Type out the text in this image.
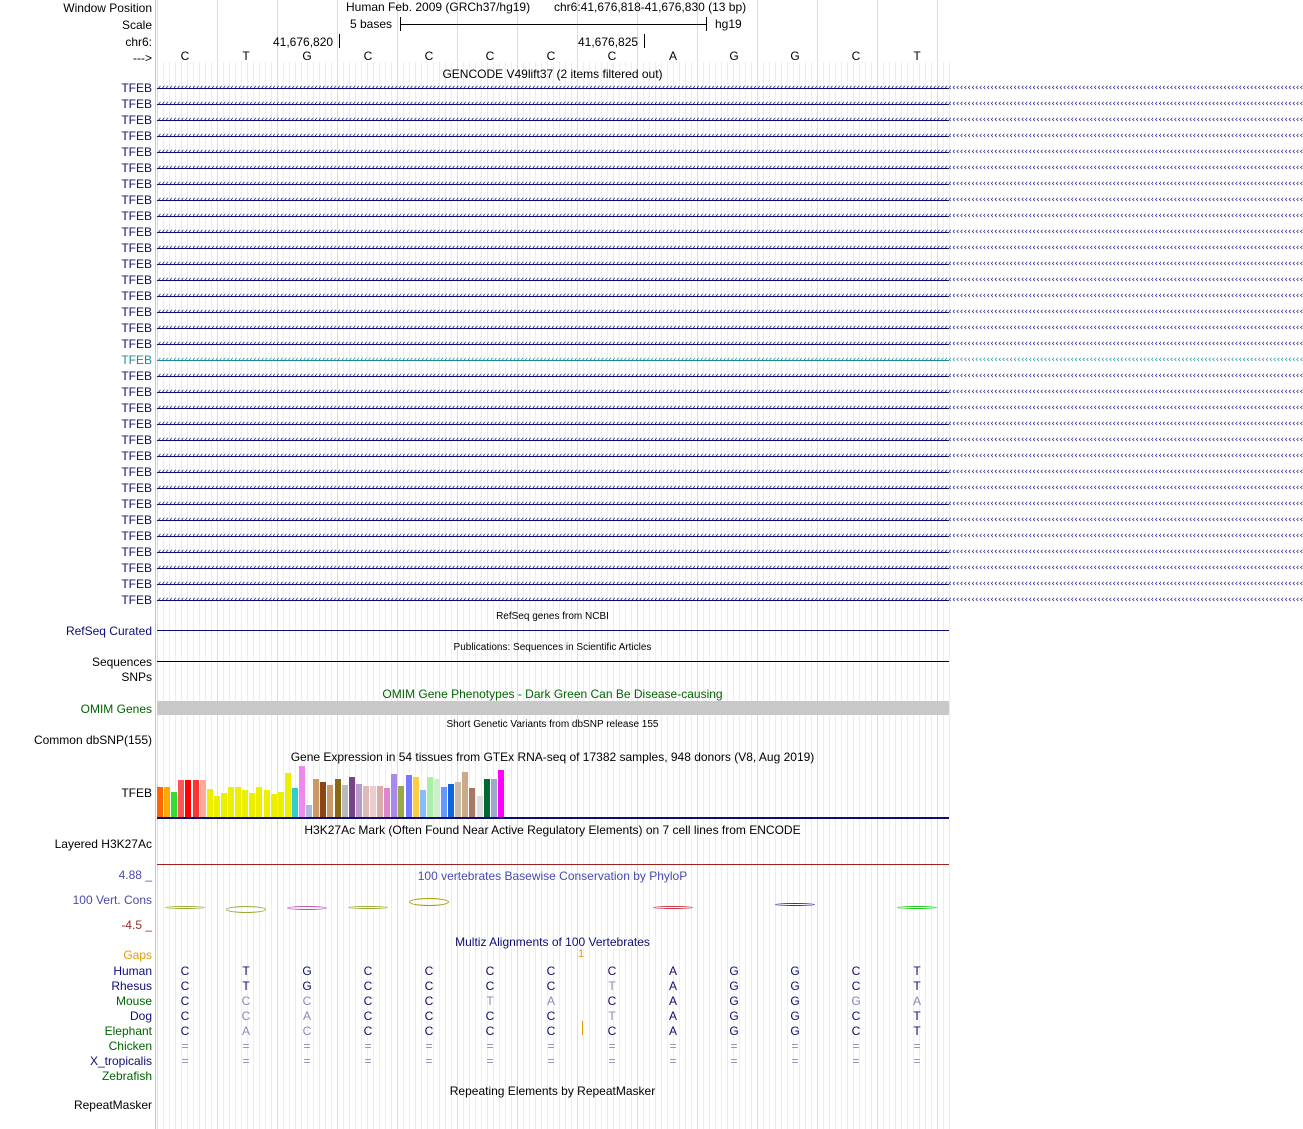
Window Position
Scale
chr6:
--->
Human Feb. 2009 (GRCh37/hg19) chr6:41,676,818-41,676,830 (13 bp)
5 bases	hg19
41,676,820	41,676,825
C	T	G	C	C	C	C	C	A	G	G	C	T
GENCODE V49lift37 (2 items filtered out)
TFEB ‹‹‹‹‹‹‹‹‹‹‹‹‹‹‹‹‹‹‹‹‹‹‹‹‹‹‹‹‹‹‹‹‹‹‹‹‹‹‹‹‹‹‹‹‹‹‹‹‹‹‹‹‹‹‹‹‹‹‹‹‹‹‹‹‹‹‹‹‹‹‹‹‹‹‹‹‹‹‹‹‹‹‹‹‹‹‹‹‹‹‹‹‹‹‹‹‹‹‹‹‹‹‹‹‹‹‹‹‹‹‹‹‹‹‹‹‹‹‹‹‹‹‹‹‹‹‹‹‹‹‹‹‹‹‹‹‹‹‹‹‹‹‹‹‹‹‹‹‹‹‹‹‹‹‹‹‹‹‹‹‹‹‹‹‹‹‹‹‹‹‹‹‹‹‹‹‹‹‹‹‹‹‹‹‹‹‹‹‹‹‹‹‹‹‹‹‹‹‹‹‹‹‹‹‹‹‹‹‹‹‹‹‹‹‹‹‹‹‹‹‹‹‹‹‹‹‹‹‹‹‹‹‹‹‹‹‹‹‹‹‹‹‹‹‹‹‹‹‹‹‹‹‹‹‹‹‹‹‹‹‹‹‹‹‹‹‹‹‹‹‹‹‹‹‹‹‹‹‹‹‹‹‹‹‹‹‹‹‹‹‹‹‹‹‹‹‹‹‹‹
TFEB ‹‹‹‹‹‹‹‹‹‹‹‹‹‹‹‹‹‹‹‹‹‹‹‹‹‹‹‹‹‹‹‹‹‹‹‹‹‹‹‹‹‹‹‹‹‹‹‹‹‹‹‹‹‹‹‹‹‹‹‹‹‹‹‹‹‹‹‹‹‹‹‹‹‹‹‹‹‹‹‹‹‹‹‹‹‹‹‹‹‹‹‹‹‹‹‹‹‹‹‹‹‹‹‹‹‹‹‹‹‹‹‹‹‹‹‹‹‹‹‹‹‹‹‹‹‹‹‹‹‹‹‹‹‹‹‹‹‹‹‹‹‹‹‹‹‹‹‹‹‹‹‹‹‹‹‹‹‹‹‹‹‹‹‹‹‹‹‹‹‹‹‹‹‹‹‹‹‹‹‹‹‹‹‹‹‹‹‹‹‹‹‹‹‹‹‹‹‹‹‹‹‹‹‹‹‹‹‹‹‹‹‹‹‹‹‹‹‹‹‹‹‹‹‹‹‹‹‹‹‹‹‹‹‹‹‹‹‹‹‹‹‹‹‹‹‹‹‹‹‹‹‹‹‹‹‹‹‹‹‹‹‹‹‹‹‹‹‹‹‹‹‹‹‹‹‹‹‹‹‹‹‹‹‹‹‹‹‹‹‹‹‹‹‹‹‹‹‹‹‹
TFEB ‹‹‹‹‹‹‹‹‹‹‹‹‹‹‹‹‹‹‹‹‹‹‹‹‹‹‹‹‹‹‹‹‹‹‹‹‹‹‹‹‹‹‹‹‹‹‹‹‹‹‹‹‹‹‹‹‹‹‹‹‹‹‹‹‹‹‹‹‹‹‹‹‹‹‹‹‹‹‹‹‹‹‹‹‹‹‹‹‹‹‹‹‹‹‹‹‹‹‹‹‹‹‹‹‹‹‹‹‹‹‹‹‹‹‹‹‹‹‹‹‹‹‹‹‹‹‹‹‹‹‹‹‹‹‹‹‹‹‹‹‹‹‹‹‹‹‹‹‹‹‹‹‹‹‹‹‹‹‹‹‹‹‹‹‹‹‹‹‹‹‹‹‹‹‹‹‹‹‹‹‹‹‹‹‹‹‹‹‹‹‹‹‹‹‹‹‹‹‹‹‹‹‹‹‹‹‹‹‹‹‹‹‹‹‹‹‹‹‹‹‹‹‹‹‹‹‹‹‹‹‹‹‹‹‹‹‹‹‹‹‹‹‹‹‹‹‹‹‹‹‹‹‹‹‹‹‹‹‹‹‹‹‹‹‹‹‹‹‹‹‹‹‹‹‹‹‹‹‹‹‹‹‹‹‹‹‹‹‹‹‹‹‹‹‹‹‹‹‹‹
TFEB ‹‹‹‹‹‹‹‹‹‹‹‹‹‹‹‹‹‹‹‹‹‹‹‹‹‹‹‹‹‹‹‹‹‹‹‹‹‹‹‹‹‹‹‹‹‹‹‹‹‹‹‹‹‹‹‹‹‹‹‹‹‹‹‹‹‹‹‹‹‹‹‹‹‹‹‹‹‹‹‹‹‹‹‹‹‹‹‹‹‹‹‹‹‹‹‹‹‹‹‹‹‹‹‹‹‹‹‹‹‹‹‹‹‹‹‹‹‹‹‹‹‹‹‹‹‹‹‹‹‹‹‹‹‹‹‹‹‹‹‹‹‹‹‹‹‹‹‹‹‹‹‹‹‹‹‹‹‹‹‹‹‹‹‹‹‹‹‹‹‹‹‹‹‹‹‹‹‹‹‹‹‹‹‹‹‹‹‹‹‹‹‹‹‹‹‹‹‹‹‹‹‹‹‹‹‹‹‹‹‹‹‹‹‹‹‹‹‹‹‹‹‹‹‹‹‹‹‹‹‹‹‹‹‹‹‹‹‹‹‹‹‹‹‹‹‹‹‹‹‹‹‹‹‹‹‹‹‹‹‹‹‹‹‹‹‹‹‹‹‹‹‹‹‹‹‹‹‹‹‹‹‹‹‹‹‹‹‹‹‹‹‹‹‹‹‹‹‹‹‹
TFEB ‹‹‹‹‹‹‹‹‹‹‹‹‹‹‹‹‹‹‹‹‹‹‹‹‹‹‹‹‹‹‹‹‹‹‹‹‹‹‹‹‹‹‹‹‹‹‹‹‹‹‹‹‹‹‹‹‹‹‹‹‹‹‹‹‹‹‹‹‹‹‹‹‹‹‹‹‹‹‹‹‹‹‹‹‹‹‹‹‹‹‹‹‹‹‹‹‹‹‹‹‹‹‹‹‹‹‹‹‹‹‹‹‹‹‹‹‹‹‹‹‹‹‹‹‹‹‹‹‹‹‹‹‹‹‹‹‹‹‹‹‹‹‹‹‹‹‹‹‹‹‹‹‹‹‹‹‹‹‹‹‹‹‹‹‹‹‹‹‹‹‹‹‹‹‹‹‹‹‹‹‹‹‹‹‹‹‹‹‹‹‹‹‹‹‹‹‹‹‹‹‹‹‹‹‹‹‹‹‹‹‹‹‹‹‹‹‹‹‹‹‹‹‹‹‹‹‹‹‹‹‹‹‹‹‹‹‹‹‹‹‹‹‹‹‹‹‹‹‹‹‹‹‹‹‹‹‹‹‹‹‹‹‹‹‹‹‹‹‹‹‹‹‹‹‹‹‹‹‹‹‹‹‹‹‹‹‹‹‹‹‹‹‹‹‹‹‹‹‹‹
TFEB ‹‹‹‹‹‹‹‹‹‹‹‹‹‹‹‹‹‹‹‹‹‹‹‹‹‹‹‹‹‹‹‹‹‹‹‹‹‹‹‹‹‹‹‹‹‹‹‹‹‹‹‹‹‹‹‹‹‹‹‹‹‹‹‹‹‹‹‹‹‹‹‹‹‹‹‹‹‹‹‹‹‹‹‹‹‹‹‹‹‹‹‹‹‹‹‹‹‹‹‹‹‹‹‹‹‹‹‹‹‹‹‹‹‹‹‹‹‹‹‹‹‹‹‹‹‹‹‹‹‹‹‹‹‹‹‹‹‹‹‹‹‹‹‹‹‹‹‹‹‹‹‹‹‹‹‹‹‹‹‹‹‹‹‹‹‹‹‹‹‹‹‹‹‹‹‹‹‹‹‹‹‹‹‹‹‹‹‹‹‹‹‹‹‹‹‹‹‹‹‹‹‹‹‹‹‹‹‹‹‹‹‹‹‹‹‹‹‹‹‹‹‹‹‹‹‹‹‹‹‹‹‹‹‹‹‹‹‹‹‹‹‹‹‹‹‹‹‹‹‹‹‹‹‹‹‹‹‹‹‹‹‹‹‹‹‹‹‹‹‹‹‹‹‹‹‹‹‹‹‹‹‹‹‹‹‹‹‹‹‹‹‹‹‹‹‹‹‹‹‹
TFEB ‹‹‹‹‹‹‹‹‹‹‹‹‹‹‹‹‹‹‹‹‹‹‹‹‹‹‹‹‹‹‹‹‹‹‹‹‹‹‹‹‹‹‹‹‹‹‹‹‹‹‹‹‹‹‹‹‹‹‹‹‹‹‹‹‹‹‹‹‹‹‹‹‹‹‹‹‹‹‹‹‹‹‹‹‹‹‹‹‹‹‹‹‹‹‹‹‹‹‹‹‹‹‹‹‹‹‹‹‹‹‹‹‹‹‹‹‹‹‹‹‹‹‹‹‹‹‹‹‹‹‹‹‹‹‹‹‹‹‹‹‹‹‹‹‹‹‹‹‹‹‹‹‹‹‹‹‹‹‹‹‹‹‹‹‹‹‹‹‹‹‹‹‹‹‹‹‹‹‹‹‹‹‹‹‹‹‹‹‹‹‹‹‹‹‹‹‹‹‹‹‹‹‹‹‹‹‹‹‹‹‹‹‹‹‹‹‹‹‹‹‹‹‹‹‹‹‹‹‹‹‹‹‹‹‹‹‹‹‹‹‹‹‹‹‹‹‹‹‹‹‹‹‹‹‹‹‹‹‹‹‹‹‹‹‹‹‹‹‹‹‹‹‹‹‹‹‹‹‹‹‹‹‹‹‹‹‹‹‹‹‹‹‹‹‹‹‹‹‹‹
TFEB ‹‹‹‹‹‹‹‹‹‹‹‹‹‹‹‹‹‹‹‹‹‹‹‹‹‹‹‹‹‹‹‹‹‹‹‹‹‹‹‹‹‹‹‹‹‹‹‹‹‹‹‹‹‹‹‹‹‹‹‹‹‹‹‹‹‹‹‹‹‹‹‹‹‹‹‹‹‹‹‹‹‹‹‹‹‹‹‹‹‹‹‹‹‹‹‹‹‹‹‹‹‹‹‹‹‹‹‹‹‹‹‹‹‹‹‹‹‹‹‹‹‹‹‹‹‹‹‹‹‹‹‹‹‹‹‹‹‹‹‹‹‹‹‹‹‹‹‹‹‹‹‹‹‹‹‹‹‹‹‹‹‹‹‹‹‹‹‹‹‹‹‹‹‹‹‹‹‹‹‹‹‹‹‹‹‹‹‹‹‹‹‹‹‹‹‹‹‹‹‹‹‹‹‹‹‹‹‹‹‹‹‹‹‹‹‹‹‹‹‹‹‹‹‹‹‹‹‹‹‹‹‹‹‹‹‹‹‹‹‹‹‹‹‹‹‹‹‹‹‹‹‹‹‹‹‹‹‹‹‹‹‹‹‹‹‹‹‹‹‹‹‹‹‹‹‹‹‹‹‹‹‹‹‹‹‹‹‹‹‹‹‹‹‹‹‹‹‹‹‹
TFEB ‹‹‹‹‹‹‹‹‹‹‹‹‹‹‹‹‹‹‹‹‹‹‹‹‹‹‹‹‹‹‹‹‹‹‹‹‹‹‹‹‹‹‹‹‹‹‹‹‹‹‹‹‹‹‹‹‹‹‹‹‹‹‹‹‹‹‹‹‹‹‹‹‹‹‹‹‹‹‹‹‹‹‹‹‹‹‹‹‹‹‹‹‹‹‹‹‹‹‹‹‹‹‹‹‹‹‹‹‹‹‹‹‹‹‹‹‹‹‹‹‹‹‹‹‹‹‹‹‹‹‹‹‹‹‹‹‹‹‹‹‹‹‹‹‹‹‹‹‹‹‹‹‹‹‹‹‹‹‹‹‹‹‹‹‹‹‹‹‹‹‹‹‹‹‹‹‹‹‹‹‹‹‹‹‹‹‹‹‹‹‹‹‹‹‹‹‹‹‹‹‹‹‹‹‹‹‹‹‹‹‹‹‹‹‹‹‹‹‹‹‹‹‹‹‹‹‹‹‹‹‹‹‹‹‹‹‹‹‹‹‹‹‹‹‹‹‹‹‹‹‹‹‹‹‹‹‹‹‹‹‹‹‹‹‹‹‹‹‹‹‹‹‹‹‹‹‹‹‹‹‹‹‹‹‹‹‹‹‹‹‹‹‹‹‹‹‹‹‹‹
TFEB ‹‹‹‹‹‹‹‹‹‹‹‹‹‹‹‹‹‹‹‹‹‹‹‹‹‹‹‹‹‹‹‹‹‹‹‹‹‹‹‹‹‹‹‹‹‹‹‹‹‹‹‹‹‹‹‹‹‹‹‹‹‹‹‹‹‹‹‹‹‹‹‹‹‹‹‹‹‹‹‹‹‹‹‹‹‹‹‹‹‹‹‹‹‹‹‹‹‹‹‹‹‹‹‹‹‹‹‹‹‹‹‹‹‹‹‹‹‹‹‹‹‹‹‹‹‹‹‹‹‹‹‹‹‹‹‹‹‹‹‹‹‹‹‹‹‹‹‹‹‹‹‹‹‹‹‹‹‹‹‹‹‹‹‹‹‹‹‹‹‹‹‹‹‹‹‹‹‹‹‹‹‹‹‹‹‹‹‹‹‹‹‹‹‹‹‹‹‹‹‹‹‹‹‹‹‹‹‹‹‹‹‹‹‹‹‹‹‹‹‹‹‹‹‹‹‹‹‹‹‹‹‹‹‹‹‹‹‹‹‹‹‹‹‹‹‹‹‹‹‹‹‹‹‹‹‹‹‹‹‹‹‹‹‹‹‹‹‹‹‹‹‹‹‹‹‹‹‹‹‹‹‹‹‹‹‹‹‹‹‹‹‹‹‹‹‹‹‹‹‹
TFEB ‹‹‹‹‹‹‹‹‹‹‹‹‹‹‹‹‹‹‹‹‹‹‹‹‹‹‹‹‹‹‹‹‹‹‹‹‹‹‹‹‹‹‹‹‹‹‹‹‹‹‹‹‹‹‹‹‹‹‹‹‹‹‹‹‹‹‹‹‹‹‹‹‹‹‹‹‹‹‹‹‹‹‹‹‹‹‹‹‹‹‹‹‹‹‹‹‹‹‹‹‹‹‹‹‹‹‹‹‹‹‹‹‹‹‹‹‹‹‹‹‹‹‹‹‹‹‹‹‹‹‹‹‹‹‹‹‹‹‹‹‹‹‹‹‹‹‹‹‹‹‹‹‹‹‹‹‹‹‹‹‹‹‹‹‹‹‹‹‹‹‹‹‹‹‹‹‹‹‹‹‹‹‹‹‹‹‹‹‹‹‹‹‹‹‹‹‹‹‹‹‹‹‹‹‹‹‹‹‹‹‹‹‹‹‹‹‹‹‹‹‹‹‹‹‹‹‹‹‹‹‹‹‹‹‹‹‹‹‹‹‹‹‹‹‹‹‹‹‹‹‹‹‹‹‹‹‹‹‹‹‹‹‹‹‹‹‹‹‹‹‹‹‹‹‹‹‹‹‹‹‹‹‹‹‹‹‹‹‹‹‹‹‹‹‹‹‹‹‹‹
TFEB ‹‹‹‹‹‹‹‹‹‹‹‹‹‹‹‹‹‹‹‹‹‹‹‹‹‹‹‹‹‹‹‹‹‹‹‹‹‹‹‹‹‹‹‹‹‹‹‹‹‹‹‹‹‹‹‹‹‹‹‹‹‹‹‹‹‹‹‹‹‹‹‹‹‹‹‹‹‹‹‹‹‹‹‹‹‹‹‹‹‹‹‹‹‹‹‹‹‹‹‹‹‹‹‹‹‹‹‹‹‹‹‹‹‹‹‹‹‹‹‹‹‹‹‹‹‹‹‹‹‹‹‹‹‹‹‹‹‹‹‹‹‹‹‹‹‹‹‹‹‹‹‹‹‹‹‹‹‹‹‹‹‹‹‹‹‹‹‹‹‹‹‹‹‹‹‹‹‹‹‹‹‹‹‹‹‹‹‹‹‹‹‹‹‹‹‹‹‹‹‹‹‹‹‹‹‹‹‹‹‹‹‹‹‹‹‹‹‹‹‹‹‹‹‹‹‹‹‹‹‹‹‹‹‹‹‹‹‹‹‹‹‹‹‹‹‹‹‹‹‹‹‹‹‹‹‹‹‹‹‹‹‹‹‹‹‹‹‹‹‹‹‹‹‹‹‹‹‹‹‹‹‹‹‹‹‹‹‹‹‹‹‹‹‹‹‹‹‹‹‹
TFEB ‹‹‹‹‹‹‹‹‹‹‹‹‹‹‹‹‹‹‹‹‹‹‹‹‹‹‹‹‹‹‹‹‹‹‹‹‹‹‹‹‹‹‹‹‹‹‹‹‹‹‹‹‹‹‹‹‹‹‹‹‹‹‹‹‹‹‹‹‹‹‹‹‹‹‹‹‹‹‹‹‹‹‹‹‹‹‹‹‹‹‹‹‹‹‹‹‹‹‹‹‹‹‹‹‹‹‹‹‹‹‹‹‹‹‹‹‹‹‹‹‹‹‹‹‹‹‹‹‹‹‹‹‹‹‹‹‹‹‹‹‹‹‹‹‹‹‹‹‹‹‹‹‹‹‹‹‹‹‹‹‹‹‹‹‹‹‹‹‹‹‹‹‹‹‹‹‹‹‹‹‹‹‹‹‹‹‹‹‹‹‹‹‹‹‹‹‹‹‹‹‹‹‹‹‹‹‹‹‹‹‹‹‹‹‹‹‹‹‹‹‹‹‹‹‹‹‹‹‹‹‹‹‹‹‹‹‹‹‹‹‹‹‹‹‹‹‹‹‹‹‹‹‹‹‹‹‹‹‹‹‹‹‹‹‹‹‹‹‹‹‹‹‹‹‹‹‹‹‹‹‹‹‹‹‹‹‹‹‹‹‹‹‹‹‹‹‹‹‹‹
TFEB ‹‹‹‹‹‹‹‹‹‹‹‹‹‹‹‹‹‹‹‹‹‹‹‹‹‹‹‹‹‹‹‹‹‹‹‹‹‹‹‹‹‹‹‹‹‹‹‹‹‹‹‹‹‹‹‹‹‹‹‹‹‹‹‹‹‹‹‹‹‹‹‹‹‹‹‹‹‹‹‹‹‹‹‹‹‹‹‹‹‹‹‹‹‹‹‹‹‹‹‹‹‹‹‹‹‹‹‹‹‹‹‹‹‹‹‹‹‹‹‹‹‹‹‹‹‹‹‹‹‹‹‹‹‹‹‹‹‹‹‹‹‹‹‹‹‹‹‹‹‹‹‹‹‹‹‹‹‹‹‹‹‹‹‹‹‹‹‹‹‹‹‹‹‹‹‹‹‹‹‹‹‹‹‹‹‹‹‹‹‹‹‹‹‹‹‹‹‹‹‹‹‹‹‹‹‹‹‹‹‹‹‹‹‹‹‹‹‹‹‹‹‹‹‹‹‹‹‹‹‹‹‹‹‹‹‹‹‹‹‹‹‹‹‹‹‹‹‹‹‹‹‹‹‹‹‹‹‹‹‹‹‹‹‹‹‹‹‹‹‹‹‹‹‹‹‹‹‹‹‹‹‹‹‹‹‹‹‹‹‹‹‹‹‹‹‹‹‹‹‹
TFEB ‹‹‹‹‹‹‹‹‹‹‹‹‹‹‹‹‹‹‹‹‹‹‹‹‹‹‹‹‹‹‹‹‹‹‹‹‹‹‹‹‹‹‹‹‹‹‹‹‹‹‹‹‹‹‹‹‹‹‹‹‹‹‹‹‹‹‹‹‹‹‹‹‹‹‹‹‹‹‹‹‹‹‹‹‹‹‹‹‹‹‹‹‹‹‹‹‹‹‹‹‹‹‹‹‹‹‹‹‹‹‹‹‹‹‹‹‹‹‹‹‹‹‹‹‹‹‹‹‹‹‹‹‹‹‹‹‹‹‹‹‹‹‹‹‹‹‹‹‹‹‹‹‹‹‹‹‹‹‹‹‹‹‹‹‹‹‹‹‹‹‹‹‹‹‹‹‹‹‹‹‹‹‹‹‹‹‹‹‹‹‹‹‹‹‹‹‹‹‹‹‹‹‹‹‹‹‹‹‹‹‹‹‹‹‹‹‹‹‹‹‹‹‹‹‹‹‹‹‹‹‹‹‹‹‹‹‹‹‹‹‹‹‹‹‹‹‹‹‹‹‹‹‹‹‹‹‹‹‹‹‹‹‹‹‹‹‹‹‹‹‹‹‹‹‹‹‹‹‹‹‹‹‹‹‹‹‹‹‹‹‹‹‹‹‹‹‹‹‹‹
TFEB ‹‹‹‹‹‹‹‹‹‹‹‹‹‹‹‹‹‹‹‹‹‹‹‹‹‹‹‹‹‹‹‹‹‹‹‹‹‹‹‹‹‹‹‹‹‹‹‹‹‹‹‹‹‹‹‹‹‹‹‹‹‹‹‹‹‹‹‹‹‹‹‹‹‹‹‹‹‹‹‹‹‹‹‹‹‹‹‹‹‹‹‹‹‹‹‹‹‹‹‹‹‹‹‹‹‹‹‹‹‹‹‹‹‹‹‹‹‹‹‹‹‹‹‹‹‹‹‹‹‹‹‹‹‹‹‹‹‹‹‹‹‹‹‹‹‹‹‹‹‹‹‹‹‹‹‹‹‹‹‹‹‹‹‹‹‹‹‹‹‹‹‹‹‹‹‹‹‹‹‹‹‹‹‹‹‹‹‹‹‹‹‹‹‹‹‹‹‹‹‹‹‹‹‹‹‹‹‹‹‹‹‹‹‹‹‹‹‹‹‹‹‹‹‹‹‹‹‹‹‹‹‹‹‹‹‹‹‹‹‹‹‹‹‹‹‹‹‹‹‹‹‹‹‹‹‹‹‹‹‹‹‹‹‹‹‹‹‹‹‹‹‹‹‹‹‹‹‹‹‹‹‹‹‹‹‹‹‹‹‹‹‹‹‹‹‹‹‹‹‹
TFEB ‹‹‹‹‹‹‹‹‹‹‹‹‹‹‹‹‹‹‹‹‹‹‹‹‹‹‹‹‹‹‹‹‹‹‹‹‹‹‹‹‹‹‹‹‹‹‹‹‹‹‹‹‹‹‹‹‹‹‹‹‹‹‹‹‹‹‹‹‹‹‹‹‹‹‹‹‹‹‹‹‹‹‹‹‹‹‹‹‹‹‹‹‹‹‹‹‹‹‹‹‹‹‹‹‹‹‹‹‹‹‹‹‹‹‹‹‹‹‹‹‹‹‹‹‹‹‹‹‹‹‹‹‹‹‹‹‹‹‹‹‹‹‹‹‹‹‹‹‹‹‹‹‹‹‹‹‹‹‹‹‹‹‹‹‹‹‹‹‹‹‹‹‹‹‹‹‹‹‹‹‹‹‹‹‹‹‹‹‹‹‹‹‹‹‹‹‹‹‹‹‹‹‹‹‹‹‹‹‹‹‹‹‹‹‹‹‹‹‹‹‹‹‹‹‹‹‹‹‹‹‹‹‹‹‹‹‹‹‹‹‹‹‹‹‹‹‹‹‹‹‹‹‹‹‹‹‹‹‹‹‹‹‹‹‹‹‹‹‹‹‹‹‹‹‹‹‹‹‹‹‹‹‹‹‹‹‹‹‹‹‹‹‹‹‹‹‹‹‹‹
TFEB ‹‹‹‹‹‹‹‹‹‹‹‹‹‹‹‹‹‹‹‹‹‹‹‹‹‹‹‹‹‹‹‹‹‹‹‹‹‹‹‹‹‹‹‹‹‹‹‹‹‹‹‹‹‹‹‹‹‹‹‹‹‹‹‹‹‹‹‹‹‹‹‹‹‹‹‹‹‹‹‹‹‹‹‹‹‹‹‹‹‹‹‹‹‹‹‹‹‹‹‹‹‹‹‹‹‹‹‹‹‹‹‹‹‹‹‹‹‹‹‹‹‹‹‹‹‹‹‹‹‹‹‹‹‹‹‹‹‹‹‹‹‹‹‹‹‹‹‹‹‹‹‹‹‹‹‹‹‹‹‹‹‹‹‹‹‹‹‹‹‹‹‹‹‹‹‹‹‹‹‹‹‹‹‹‹‹‹‹‹‹‹‹‹‹‹‹‹‹‹‹‹‹‹‹‹‹‹‹‹‹‹‹‹‹‹‹‹‹‹‹‹‹‹‹‹‹‹‹‹‹‹‹‹‹‹‹‹‹‹‹‹‹‹‹‹‹‹‹‹‹‹‹‹‹‹‹‹‹‹‹‹‹‹‹‹‹‹‹‹‹‹‹‹‹‹‹‹‹‹‹‹‹‹‹‹‹‹‹‹‹‹‹‹‹‹‹‹‹‹‹
TFEB ‹‹‹‹‹‹‹‹‹‹‹‹‹‹‹‹‹‹‹‹‹‹‹‹‹‹‹‹‹‹‹‹‹‹‹‹‹‹‹‹‹‹‹‹‹‹‹‹‹‹‹‹‹‹‹‹‹‹‹‹‹‹‹‹‹‹‹‹‹‹‹‹‹‹‹‹‹‹‹‹‹‹‹‹‹‹‹‹‹‹‹‹‹‹‹‹‹‹‹‹‹‹‹‹‹‹‹‹‹‹‹‹‹‹‹‹‹‹‹‹‹‹‹‹‹‹‹‹‹‹‹‹‹‹‹‹‹‹‹‹‹‹‹‹‹‹‹‹‹‹‹‹‹‹‹‹‹‹‹‹‹‹‹‹‹‹‹‹‹‹‹‹‹‹‹‹‹‹‹‹‹‹‹‹‹‹‹‹‹‹‹‹‹‹‹‹‹‹‹‹‹‹‹‹‹‹‹‹‹‹‹‹‹‹‹‹‹‹‹‹‹‹‹‹‹‹‹‹‹‹‹‹‹‹‹‹‹‹‹‹‹‹‹‹‹‹‹‹‹‹‹‹‹‹‹‹‹‹‹‹‹‹‹‹‹‹‹‹‹‹‹‹‹‹‹‹‹‹‹‹‹‹‹‹‹‹‹‹‹‹‹‹‹‹‹‹‹‹‹‹
TFEB ‹‹‹‹‹‹‹‹‹‹‹‹‹‹‹‹‹‹‹‹‹‹‹‹‹‹‹‹‹‹‹‹‹‹‹‹‹‹‹‹‹‹‹‹‹‹‹‹‹‹‹‹‹‹‹‹‹‹‹‹‹‹‹‹‹‹‹‹‹‹‹‹‹‹‹‹‹‹‹‹‹‹‹‹‹‹‹‹‹‹‹‹‹‹‹‹‹‹‹‹‹‹‹‹‹‹‹‹‹‹‹‹‹‹‹‹‹‹‹‹‹‹‹‹‹‹‹‹‹‹‹‹‹‹‹‹‹‹‹‹‹‹‹‹‹‹‹‹‹‹‹‹‹‹‹‹‹‹‹‹‹‹‹‹‹‹‹‹‹‹‹‹‹‹‹‹‹‹‹‹‹‹‹‹‹‹‹‹‹‹‹‹‹‹‹‹‹‹‹‹‹‹‹‹‹‹‹‹‹‹‹‹‹‹‹‹‹‹‹‹‹‹‹‹‹‹‹‹‹‹‹‹‹‹‹‹‹‹‹‹‹‹‹‹‹‹‹‹‹‹‹‹‹‹‹‹‹‹‹‹‹‹‹‹‹‹‹‹‹‹‹‹‹‹‹‹‹‹‹‹‹‹‹‹‹‹‹‹‹‹‹‹‹‹‹‹‹‹‹‹
TFEB ‹‹‹‹‹‹‹‹‹‹‹‹‹‹‹‹‹‹‹‹‹‹‹‹‹‹‹‹‹‹‹‹‹‹‹‹‹‹‹‹‹‹‹‹‹‹‹‹‹‹‹‹‹‹‹‹‹‹‹‹‹‹‹‹‹‹‹‹‹‹‹‹‹‹‹‹‹‹‹‹‹‹‹‹‹‹‹‹‹‹‹‹‹‹‹‹‹‹‹‹‹‹‹‹‹‹‹‹‹‹‹‹‹‹‹‹‹‹‹‹‹‹‹‹‹‹‹‹‹‹‹‹‹‹‹‹‹‹‹‹‹‹‹‹‹‹‹‹‹‹‹‹‹‹‹‹‹‹‹‹‹‹‹‹‹‹‹‹‹‹‹‹‹‹‹‹‹‹‹‹‹‹‹‹‹‹‹‹‹‹‹‹‹‹‹‹‹‹‹‹‹‹‹‹‹‹‹‹‹‹‹‹‹‹‹‹‹‹‹‹‹‹‹‹‹‹‹‹‹‹‹‹‹‹‹‹‹‹‹‹‹‹‹‹‹‹‹‹‹‹‹‹‹‹‹‹‹‹‹‹‹‹‹‹‹‹‹‹‹‹‹‹‹‹‹‹‹‹‹‹‹‹‹‹‹‹‹‹‹‹‹‹‹‹‹‹‹‹‹‹
TFEB ‹‹‹‹‹‹‹‹‹‹‹‹‹‹‹‹‹‹‹‹‹‹‹‹‹‹‹‹‹‹‹‹‹‹‹‹‹‹‹‹‹‹‹‹‹‹‹‹‹‹‹‹‹‹‹‹‹‹‹‹‹‹‹‹‹‹‹‹‹‹‹‹‹‹‹‹‹‹‹‹‹‹‹‹‹‹‹‹‹‹‹‹‹‹‹‹‹‹‹‹‹‹‹‹‹‹‹‹‹‹‹‹‹‹‹‹‹‹‹‹‹‹‹‹‹‹‹‹‹‹‹‹‹‹‹‹‹‹‹‹‹‹‹‹‹‹‹‹‹‹‹‹‹‹‹‹‹‹‹‹‹‹‹‹‹‹‹‹‹‹‹‹‹‹‹‹‹‹‹‹‹‹‹‹‹‹‹‹‹‹‹‹‹‹‹‹‹‹‹‹‹‹‹‹‹‹‹‹‹‹‹‹‹‹‹‹‹‹‹‹‹‹‹‹‹‹‹‹‹‹‹‹‹‹‹‹‹‹‹‹‹‹‹‹‹‹‹‹‹‹‹‹‹‹‹‹‹‹‹‹‹‹‹‹‹‹‹‹‹‹‹‹‹‹‹‹‹‹‹‹‹‹‹‹‹‹‹‹‹‹‹‹‹‹‹‹‹‹‹‹
TFEB ‹‹‹‹‹‹‹‹‹‹‹‹‹‹‹‹‹‹‹‹‹‹‹‹‹‹‹‹‹‹‹‹‹‹‹‹‹‹‹‹‹‹‹‹‹‹‹‹‹‹‹‹‹‹‹‹‹‹‹‹‹‹‹‹‹‹‹‹‹‹‹‹‹‹‹‹‹‹‹‹‹‹‹‹‹‹‹‹‹‹‹‹‹‹‹‹‹‹‹‹‹‹‹‹‹‹‹‹‹‹‹‹‹‹‹‹‹‹‹‹‹‹‹‹‹‹‹‹‹‹‹‹‹‹‹‹‹‹‹‹‹‹‹‹‹‹‹‹‹‹‹‹‹‹‹‹‹‹‹‹‹‹‹‹‹‹‹‹‹‹‹‹‹‹‹‹‹‹‹‹‹‹‹‹‹‹‹‹‹‹‹‹‹‹‹‹‹‹‹‹‹‹‹‹‹‹‹‹‹‹‹‹‹‹‹‹‹‹‹‹‹‹‹‹‹‹‹‹‹‹‹‹‹‹‹‹‹‹‹‹‹‹‹‹‹‹‹‹‹‹‹‹‹‹‹‹‹‹‹‹‹‹‹‹‹‹‹‹‹‹‹‹‹‹‹‹‹‹‹‹‹‹‹‹‹‹‹‹‹‹‹‹‹‹‹‹‹‹‹‹
TFEB ‹‹‹‹‹‹‹‹‹‹‹‹‹‹‹‹‹‹‹‹‹‹‹‹‹‹‹‹‹‹‹‹‹‹‹‹‹‹‹‹‹‹‹‹‹‹‹‹‹‹‹‹‹‹‹‹‹‹‹‹‹‹‹‹‹‹‹‹‹‹‹‹‹‹‹‹‹‹‹‹‹‹‹‹‹‹‹‹‹‹‹‹‹‹‹‹‹‹‹‹‹‹‹‹‹‹‹‹‹‹‹‹‹‹‹‹‹‹‹‹‹‹‹‹‹‹‹‹‹‹‹‹‹‹‹‹‹‹‹‹‹‹‹‹‹‹‹‹‹‹‹‹‹‹‹‹‹‹‹‹‹‹‹‹‹‹‹‹‹‹‹‹‹‹‹‹‹‹‹‹‹‹‹‹‹‹‹‹‹‹‹‹‹‹‹‹‹‹‹‹‹‹‹‹‹‹‹‹‹‹‹‹‹‹‹‹‹‹‹‹‹‹‹‹‹‹‹‹‹‹‹‹‹‹‹‹‹‹‹‹‹‹‹‹‹‹‹‹‹‹‹‹‹‹‹‹‹‹‹‹‹‹‹‹‹‹‹‹‹‹‹‹‹‹‹‹‹‹‹‹‹‹‹‹‹‹‹‹‹‹‹‹‹‹‹‹‹‹‹‹
TFEB ‹‹‹‹‹‹‹‹‹‹‹‹‹‹‹‹‹‹‹‹‹‹‹‹‹‹‹‹‹‹‹‹‹‹‹‹‹‹‹‹‹‹‹‹‹‹‹‹‹‹‹‹‹‹‹‹‹‹‹‹‹‹‹‹‹‹‹‹‹‹‹‹‹‹‹‹‹‹‹‹‹‹‹‹‹‹‹‹‹‹‹‹‹‹‹‹‹‹‹‹‹‹‹‹‹‹‹‹‹‹‹‹‹‹‹‹‹‹‹‹‹‹‹‹‹‹‹‹‹‹‹‹‹‹‹‹‹‹‹‹‹‹‹‹‹‹‹‹‹‹‹‹‹‹‹‹‹‹‹‹‹‹‹‹‹‹‹‹‹‹‹‹‹‹‹‹‹‹‹‹‹‹‹‹‹‹‹‹‹‹‹‹‹‹‹‹‹‹‹‹‹‹‹‹‹‹‹‹‹‹‹‹‹‹‹‹‹‹‹‹‹‹‹‹‹‹‹‹‹‹‹‹‹‹‹‹‹‹‹‹‹‹‹‹‹‹‹‹‹‹‹‹‹‹‹‹‹‹‹‹‹‹‹‹‹‹‹‹‹‹‹‹‹‹‹‹‹‹‹‹‹‹‹‹‹‹‹‹‹‹‹‹‹‹‹‹‹‹‹‹
TFEB ‹‹‹‹‹‹‹‹‹‹‹‹‹‹‹‹‹‹‹‹‹‹‹‹‹‹‹‹‹‹‹‹‹‹‹‹‹‹‹‹‹‹‹‹‹‹‹‹‹‹‹‹‹‹‹‹‹‹‹‹‹‹‹‹‹‹‹‹‹‹‹‹‹‹‹‹‹‹‹‹‹‹‹‹‹‹‹‹‹‹‹‹‹‹‹‹‹‹‹‹‹‹‹‹‹‹‹‹‹‹‹‹‹‹‹‹‹‹‹‹‹‹‹‹‹‹‹‹‹‹‹‹‹‹‹‹‹‹‹‹‹‹‹‹‹‹‹‹‹‹‹‹‹‹‹‹‹‹‹‹‹‹‹‹‹‹‹‹‹‹‹‹‹‹‹‹‹‹‹‹‹‹‹‹‹‹‹‹‹‹‹‹‹‹‹‹‹‹‹‹‹‹‹‹‹‹‹‹‹‹‹‹‹‹‹‹‹‹‹‹‹‹‹‹‹‹‹‹‹‹‹‹‹‹‹‹‹‹‹‹‹‹‹‹‹‹‹‹‹‹‹‹‹‹‹‹‹‹‹‹‹‹‹‹‹‹‹‹‹‹‹‹‹‹‹‹‹‹‹‹‹‹‹‹‹‹‹‹‹‹‹‹‹‹‹‹‹‹‹‹
TFEB ‹‹‹‹‹‹‹‹‹‹‹‹‹‹‹‹‹‹‹‹‹‹‹‹‹‹‹‹‹‹‹‹‹‹‹‹‹‹‹‹‹‹‹‹‹‹‹‹‹‹‹‹‹‹‹‹‹‹‹‹‹‹‹‹‹‹‹‹‹‹‹‹‹‹‹‹‹‹‹‹‹‹‹‹‹‹‹‹‹‹‹‹‹‹‹‹‹‹‹‹‹‹‹‹‹‹‹‹‹‹‹‹‹‹‹‹‹‹‹‹‹‹‹‹‹‹‹‹‹‹‹‹‹‹‹‹‹‹‹‹‹‹‹‹‹‹‹‹‹‹‹‹‹‹‹‹‹‹‹‹‹‹‹‹‹‹‹‹‹‹‹‹‹‹‹‹‹‹‹‹‹‹‹‹‹‹‹‹‹‹‹‹‹‹‹‹‹‹‹‹‹‹‹‹‹‹‹‹‹‹‹‹‹‹‹‹‹‹‹‹‹‹‹‹‹‹‹‹‹‹‹‹‹‹‹‹‹‹‹‹‹‹‹‹‹‹‹‹‹‹‹‹‹‹‹‹‹‹‹‹‹‹‹‹‹‹‹‹‹‹‹‹‹‹‹‹‹‹‹‹‹‹‹‹‹‹‹‹‹‹‹‹‹‹‹‹‹‹‹‹
TFEB ‹‹‹‹‹‹‹‹‹‹‹‹‹‹‹‹‹‹‹‹‹‹‹‹‹‹‹‹‹‹‹‹‹‹‹‹‹‹‹‹‹‹‹‹‹‹‹‹‹‹‹‹‹‹‹‹‹‹‹‹‹‹‹‹‹‹‹‹‹‹‹‹‹‹‹‹‹‹‹‹‹‹‹‹‹‹‹‹‹‹‹‹‹‹‹‹‹‹‹‹‹‹‹‹‹‹‹‹‹‹‹‹‹‹‹‹‹‹‹‹‹‹‹‹‹‹‹‹‹‹‹‹‹‹‹‹‹‹‹‹‹‹‹‹‹‹‹‹‹‹‹‹‹‹‹‹‹‹‹‹‹‹‹‹‹‹‹‹‹‹‹‹‹‹‹‹‹‹‹‹‹‹‹‹‹‹‹‹‹‹‹‹‹‹‹‹‹‹‹‹‹‹‹‹‹‹‹‹‹‹‹‹‹‹‹‹‹‹‹‹‹‹‹‹‹‹‹‹‹‹‹‹‹‹‹‹‹‹‹‹‹‹‹‹‹‹‹‹‹‹‹‹‹‹‹‹‹‹‹‹‹‹‹‹‹‹‹‹‹‹‹‹‹‹‹‹‹‹‹‹‹‹‹‹‹‹‹‹‹‹‹‹‹‹‹‹‹‹‹‹
TFEB ‹‹‹‹‹‹‹‹‹‹‹‹‹‹‹‹‹‹‹‹‹‹‹‹‹‹‹‹‹‹‹‹‹‹‹‹‹‹‹‹‹‹‹‹‹‹‹‹‹‹‹‹‹‹‹‹‹‹‹‹‹‹‹‹‹‹‹‹‹‹‹‹‹‹‹‹‹‹‹‹‹‹‹‹‹‹‹‹‹‹‹‹‹‹‹‹‹‹‹‹‹‹‹‹‹‹‹‹‹‹‹‹‹‹‹‹‹‹‹‹‹‹‹‹‹‹‹‹‹‹‹‹‹‹‹‹‹‹‹‹‹‹‹‹‹‹‹‹‹‹‹‹‹‹‹‹‹‹‹‹‹‹‹‹‹‹‹‹‹‹‹‹‹‹‹‹‹‹‹‹‹‹‹‹‹‹‹‹‹‹‹‹‹‹‹‹‹‹‹‹‹‹‹‹‹‹‹‹‹‹‹‹‹‹‹‹‹‹‹‹‹‹‹‹‹‹‹‹‹‹‹‹‹‹‹‹‹‹‹‹‹‹‹‹‹‹‹‹‹‹‹‹‹‹‹‹‹‹‹‹‹‹‹‹‹‹‹‹‹‹‹‹‹‹‹‹‹‹‹‹‹‹‹‹‹‹‹‹‹‹‹‹‹‹‹‹‹‹‹‹
TFEB ‹‹‹‹‹‹‹‹‹‹‹‹‹‹‹‹‹‹‹‹‹‹‹‹‹‹‹‹‹‹‹‹‹‹‹‹‹‹‹‹‹‹‹‹‹‹‹‹‹‹‹‹‹‹‹‹‹‹‹‹‹‹‹‹‹‹‹‹‹‹‹‹‹‹‹‹‹‹‹‹‹‹‹‹‹‹‹‹‹‹‹‹‹‹‹‹‹‹‹‹‹‹‹‹‹‹‹‹‹‹‹‹‹‹‹‹‹‹‹‹‹‹‹‹‹‹‹‹‹‹‹‹‹‹‹‹‹‹‹‹‹‹‹‹‹‹‹‹‹‹‹‹‹‹‹‹‹‹‹‹‹‹‹‹‹‹‹‹‹‹‹‹‹‹‹‹‹‹‹‹‹‹‹‹‹‹‹‹‹‹‹‹‹‹‹‹‹‹‹‹‹‹‹‹‹‹‹‹‹‹‹‹‹‹‹‹‹‹‹‹‹‹‹‹‹‹‹‹‹‹‹‹‹‹‹‹‹‹‹‹‹‹‹‹‹‹‹‹‹‹‹‹‹‹‹‹‹‹‹‹‹‹‹‹‹‹‹‹‹‹‹‹‹‹‹‹‹‹‹‹‹‹‹‹‹‹‹‹‹‹‹‹‹‹‹‹‹‹‹‹
TFEB ‹‹‹‹‹‹‹‹‹‹‹‹‹‹‹‹‹‹‹‹‹‹‹‹‹‹‹‹‹‹‹‹‹‹‹‹‹‹‹‹‹‹‹‹‹‹‹‹‹‹‹‹‹‹‹‹‹‹‹‹‹‹‹‹‹‹‹‹‹‹‹‹‹‹‹‹‹‹‹‹‹‹‹‹‹‹‹‹‹‹‹‹‹‹‹‹‹‹‹‹‹‹‹‹‹‹‹‹‹‹‹‹‹‹‹‹‹‹‹‹‹‹‹‹‹‹‹‹‹‹‹‹‹‹‹‹‹‹‹‹‹‹‹‹‹‹‹‹‹‹‹‹‹‹‹‹‹‹‹‹‹‹‹‹‹‹‹‹‹‹‹‹‹‹‹‹‹‹‹‹‹‹‹‹‹‹‹‹‹‹‹‹‹‹‹‹‹‹‹‹‹‹‹‹‹‹‹‹‹‹‹‹‹‹‹‹‹‹‹‹‹‹‹‹‹‹‹‹‹‹‹‹‹‹‹‹‹‹‹‹‹‹‹‹‹‹‹‹‹‹‹‹‹‹‹‹‹‹‹‹‹‹‹‹‹‹‹‹‹‹‹‹‹‹‹‹‹‹‹‹‹‹‹‹‹‹‹‹‹‹‹‹‹‹‹‹‹‹‹‹
TFEB ‹‹‹‹‹‹‹‹‹‹‹‹‹‹‹‹‹‹‹‹‹‹‹‹‹‹‹‹‹‹‹‹‹‹‹‹‹‹‹‹‹‹‹‹‹‹‹‹‹‹‹‹‹‹‹‹‹‹‹‹‹‹‹‹‹‹‹‹‹‹‹‹‹‹‹‹‹‹‹‹‹‹‹‹‹‹‹‹‹‹‹‹‹‹‹‹‹‹‹‹‹‹‹‹‹‹‹‹‹‹‹‹‹‹‹‹‹‹‹‹‹‹‹‹‹‹‹‹‹‹‹‹‹‹‹‹‹‹‹‹‹‹‹‹‹‹‹‹‹‹‹‹‹‹‹‹‹‹‹‹‹‹‹‹‹‹‹‹‹‹‹‹‹‹‹‹‹‹‹‹‹‹‹‹‹‹‹‹‹‹‹‹‹‹‹‹‹‹‹‹‹‹‹‹‹‹‹‹‹‹‹‹‹‹‹‹‹‹‹‹‹‹‹‹‹‹‹‹‹‹‹‹‹‹‹‹‹‹‹‹‹‹‹‹‹‹‹‹‹‹‹‹‹‹‹‹‹‹‹‹‹‹‹‹‹‹‹‹‹‹‹‹‹‹‹‹‹‹‹‹‹‹‹‹‹‹‹‹‹‹‹‹‹‹‹‹‹‹‹‹
TFEB ‹‹‹‹‹‹‹‹‹‹‹‹‹‹‹‹‹‹‹‹‹‹‹‹‹‹‹‹‹‹‹‹‹‹‹‹‹‹‹‹‹‹‹‹‹‹‹‹‹‹‹‹‹‹‹‹‹‹‹‹‹‹‹‹‹‹‹‹‹‹‹‹‹‹‹‹‹‹‹‹‹‹‹‹‹‹‹‹‹‹‹‹‹‹‹‹‹‹‹‹‹‹‹‹‹‹‹‹‹‹‹‹‹‹‹‹‹‹‹‹‹‹‹‹‹‹‹‹‹‹‹‹‹‹‹‹‹‹‹‹‹‹‹‹‹‹‹‹‹‹‹‹‹‹‹‹‹‹‹‹‹‹‹‹‹‹‹‹‹‹‹‹‹‹‹‹‹‹‹‹‹‹‹‹‹‹‹‹‹‹‹‹‹‹‹‹‹‹‹‹‹‹‹‹‹‹‹‹‹‹‹‹‹‹‹‹‹‹‹‹‹‹‹‹‹‹‹‹‹‹‹‹‹‹‹‹‹‹‹‹‹‹‹‹‹‹‹‹‹‹‹‹‹‹‹‹‹‹‹‹‹‹‹‹‹‹‹‹‹‹‹‹‹‹‹‹‹‹‹‹‹‹‹‹‹‹‹‹‹‹‹‹‹‹‹‹‹‹‹‹
RefSeq genes from NCBI
RefSeq Curated
Publications: Sequences in Scientific Articles
Sequences
SNPs
OMIM Gene Phenotypes - Dark Green Can Be Disease-causing
OMIM Genes
Short Genetic Variants from dbSNP release 155
Common dbSNP(155)
Gene Expression in 54 tissues from GTEx RNA-seq of 17382 samples, 948 donors (V8, Aug 2019)
TFEB
H3K27Ac Mark (Often Found Near Active Regulatory Elements) on 7 cell lines from ENCODE
Layered H3K27Ac
100 vertebrates Basewise Conservation by PhyloP
4.88 _
100 Vert. Cons
-4.5 _
Multiz Alignments of 100 Vertebrates
Gaps	1
Human	C	T	G	C	C	C	C	C	A	G	G	C	T
Rhesus	C	T	G	C	C	C	C	T	A	G	G	C	T
Mouse	C	C	C	C	C	T	A	C	A	G	G	G	A
Dog	C	C	A	C	C	C	C	T	A	G	G	C	T
Elephant	C	A	C	C	C	C	C	C	A	G	G	C	T
Chicken	=	=	=	=	=	=	=	=	=	=	=	=	=
X_tropicalis	=	=	=	=	=	=	=	=	=	=	=	=	=
Zebrafish
Repeating Elements by RepeatMasker
RepeatMasker
